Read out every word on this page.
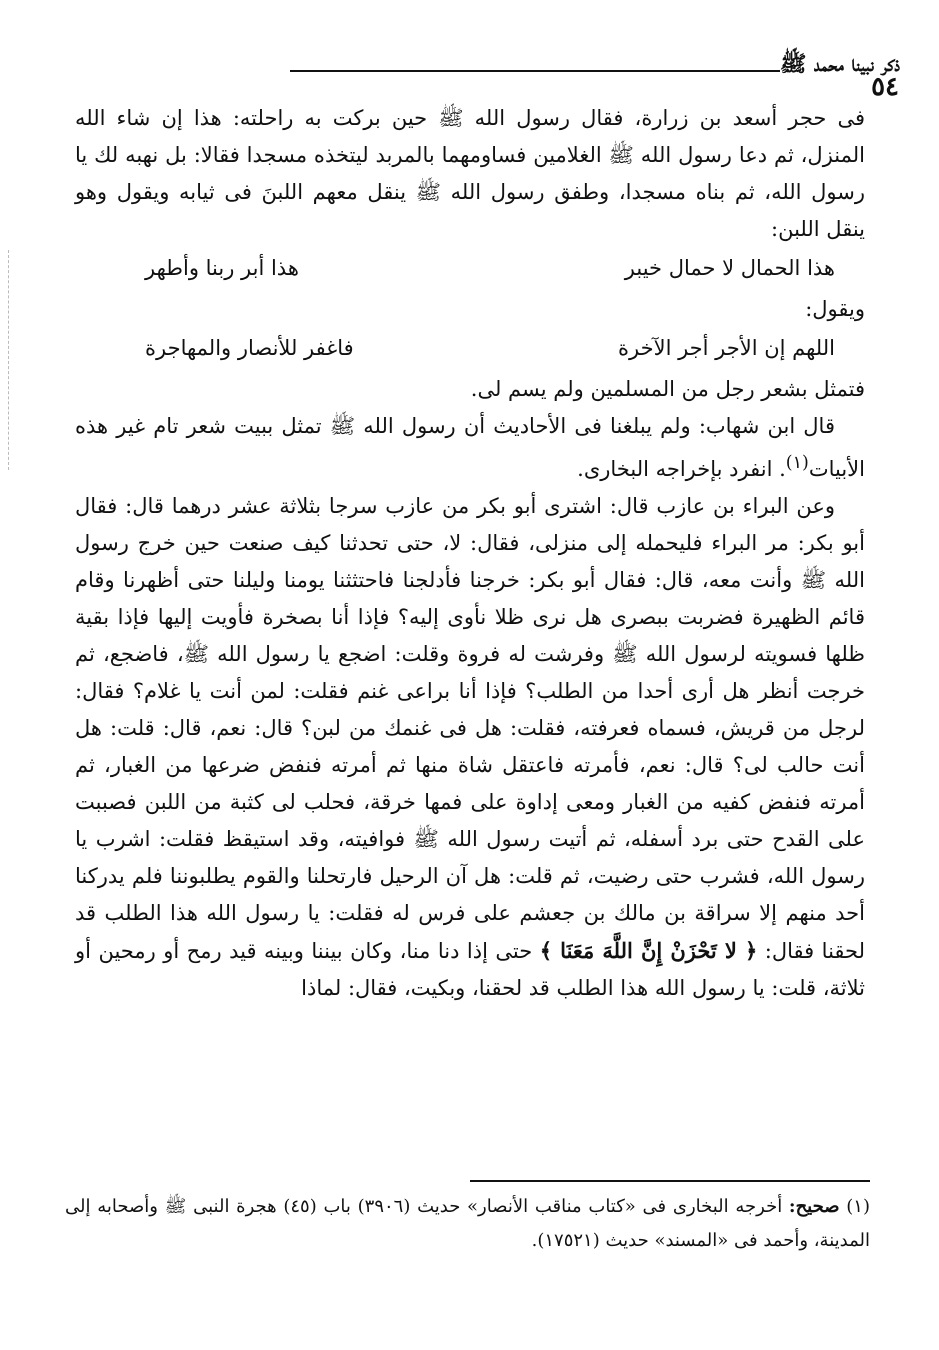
ذكر نبينا محمد ﷺ
٥٤

فى حجر أسعد بن زرارة، فقال رسول الله ﷺ حين بركت به راحلته: هذا إن شاء الله المنزل، ثم دعا رسول الله ﷺ الغلامين فساومهما بالمربد ليتخذه مسجدا فقالا: بل نهبه لك يا رسول الله، ثم بناه مسجدا، وطفق رسول الله ﷺ ينقل معهم اللبنَ فى ثيابه ويقول وهو ينقل اللبن:

هذا الحمال لا حمال خيبر
هذا أبر ربنا وأطهر

ويقول:

اللهم إن الأجر أجر الآخرة
فاغفر للأنصار والمهاجرة

فتمثل بشعر رجل من المسلمين ولم يسم لى.

قال ابن شهاب: ولم يبلغنا فى الأحاديث أن رسول الله ﷺ تمثل ببيت شعر تام غير هذه الأبيات$^{(١)}$. انفرد بإخراجه البخارى.

وعن البراء بن عازب قال: اشترى أبو بكر من عازب سرجا بثلاثة عشر درهما قال: فقال أبو بكر: مر البراء فليحمله إلى منزلى، فقال: لا، حتى تحدثنا كيف صنعت حين خرج رسول الله ﷺ وأنت معه، قال: فقال أبو بكر: خرجنا فأدلجنا فاحتثثنا يومنا وليلنا حتى أظهرنا وقام قائم الظهيرة فضربت ببصرى هل نرى ظلا نأوى إليه؟ فإذا أنا بصخرة فأويت إليها فإذا بقية ظلها فسويته لرسول الله ﷺ وفرشت له فروة وقلت: اضجع يا رسول الله ﷺ، فاضجع، ثم خرجت أنظر هل أرى أحدا من الطلب؟ فإذا أنا براعى غنم فقلت: لمن أنت يا غلام؟ فقال: لرجل من قريش، فسماه فعرفته، فقلت: هل فى غنمك من لبن؟ قال: نعم، قال: قلت: هل أنت حالب لى؟ قال: نعم، فأمرته فاعتقل شاة منها ثم أمرته فنفض ضرعها من الغبار، ثم أمرته فنفض كفيه من الغبار ومعى إداوة على فمها خرقة، فحلب لى كثبة من اللبن فصببت على القدح حتى برد أسفله، ثم أتيت رسول الله ﷺ فوافيته، وقد استيقظ فقلت: اشرب يا رسول الله، فشرب حتى رضيت، ثم قلت: هل آن الرحيل فارتحلنا والقوم يطلبوننا فلم يدركنا أحد منهم إلا سراقة بن مالك بن جعشم على فرس له فقلت: يا رسول الله هذا الطلب قد لحقنا فقال: ﴿ لا تَحْزَنْ إِنَّ اللَّهَ مَعَنَا ﴾ حتى إذا دنا منا، وكان بيننا وبينه قيد رمح أو رمحين أو ثلاثة، قلت: يا رسول الله هذا الطلب قد لحقنا، وبكيت، فقال: لماذا

(١) صحيح: أخرجه البخارى فى «كتاب مناقب الأنصار» حديث (٣٩٠٦) باب (٤٥) هجرة النبى ﷺ وأصحابه إلى المدينة، وأحمد فى «المسند» حديث (١٧٥٢١).
